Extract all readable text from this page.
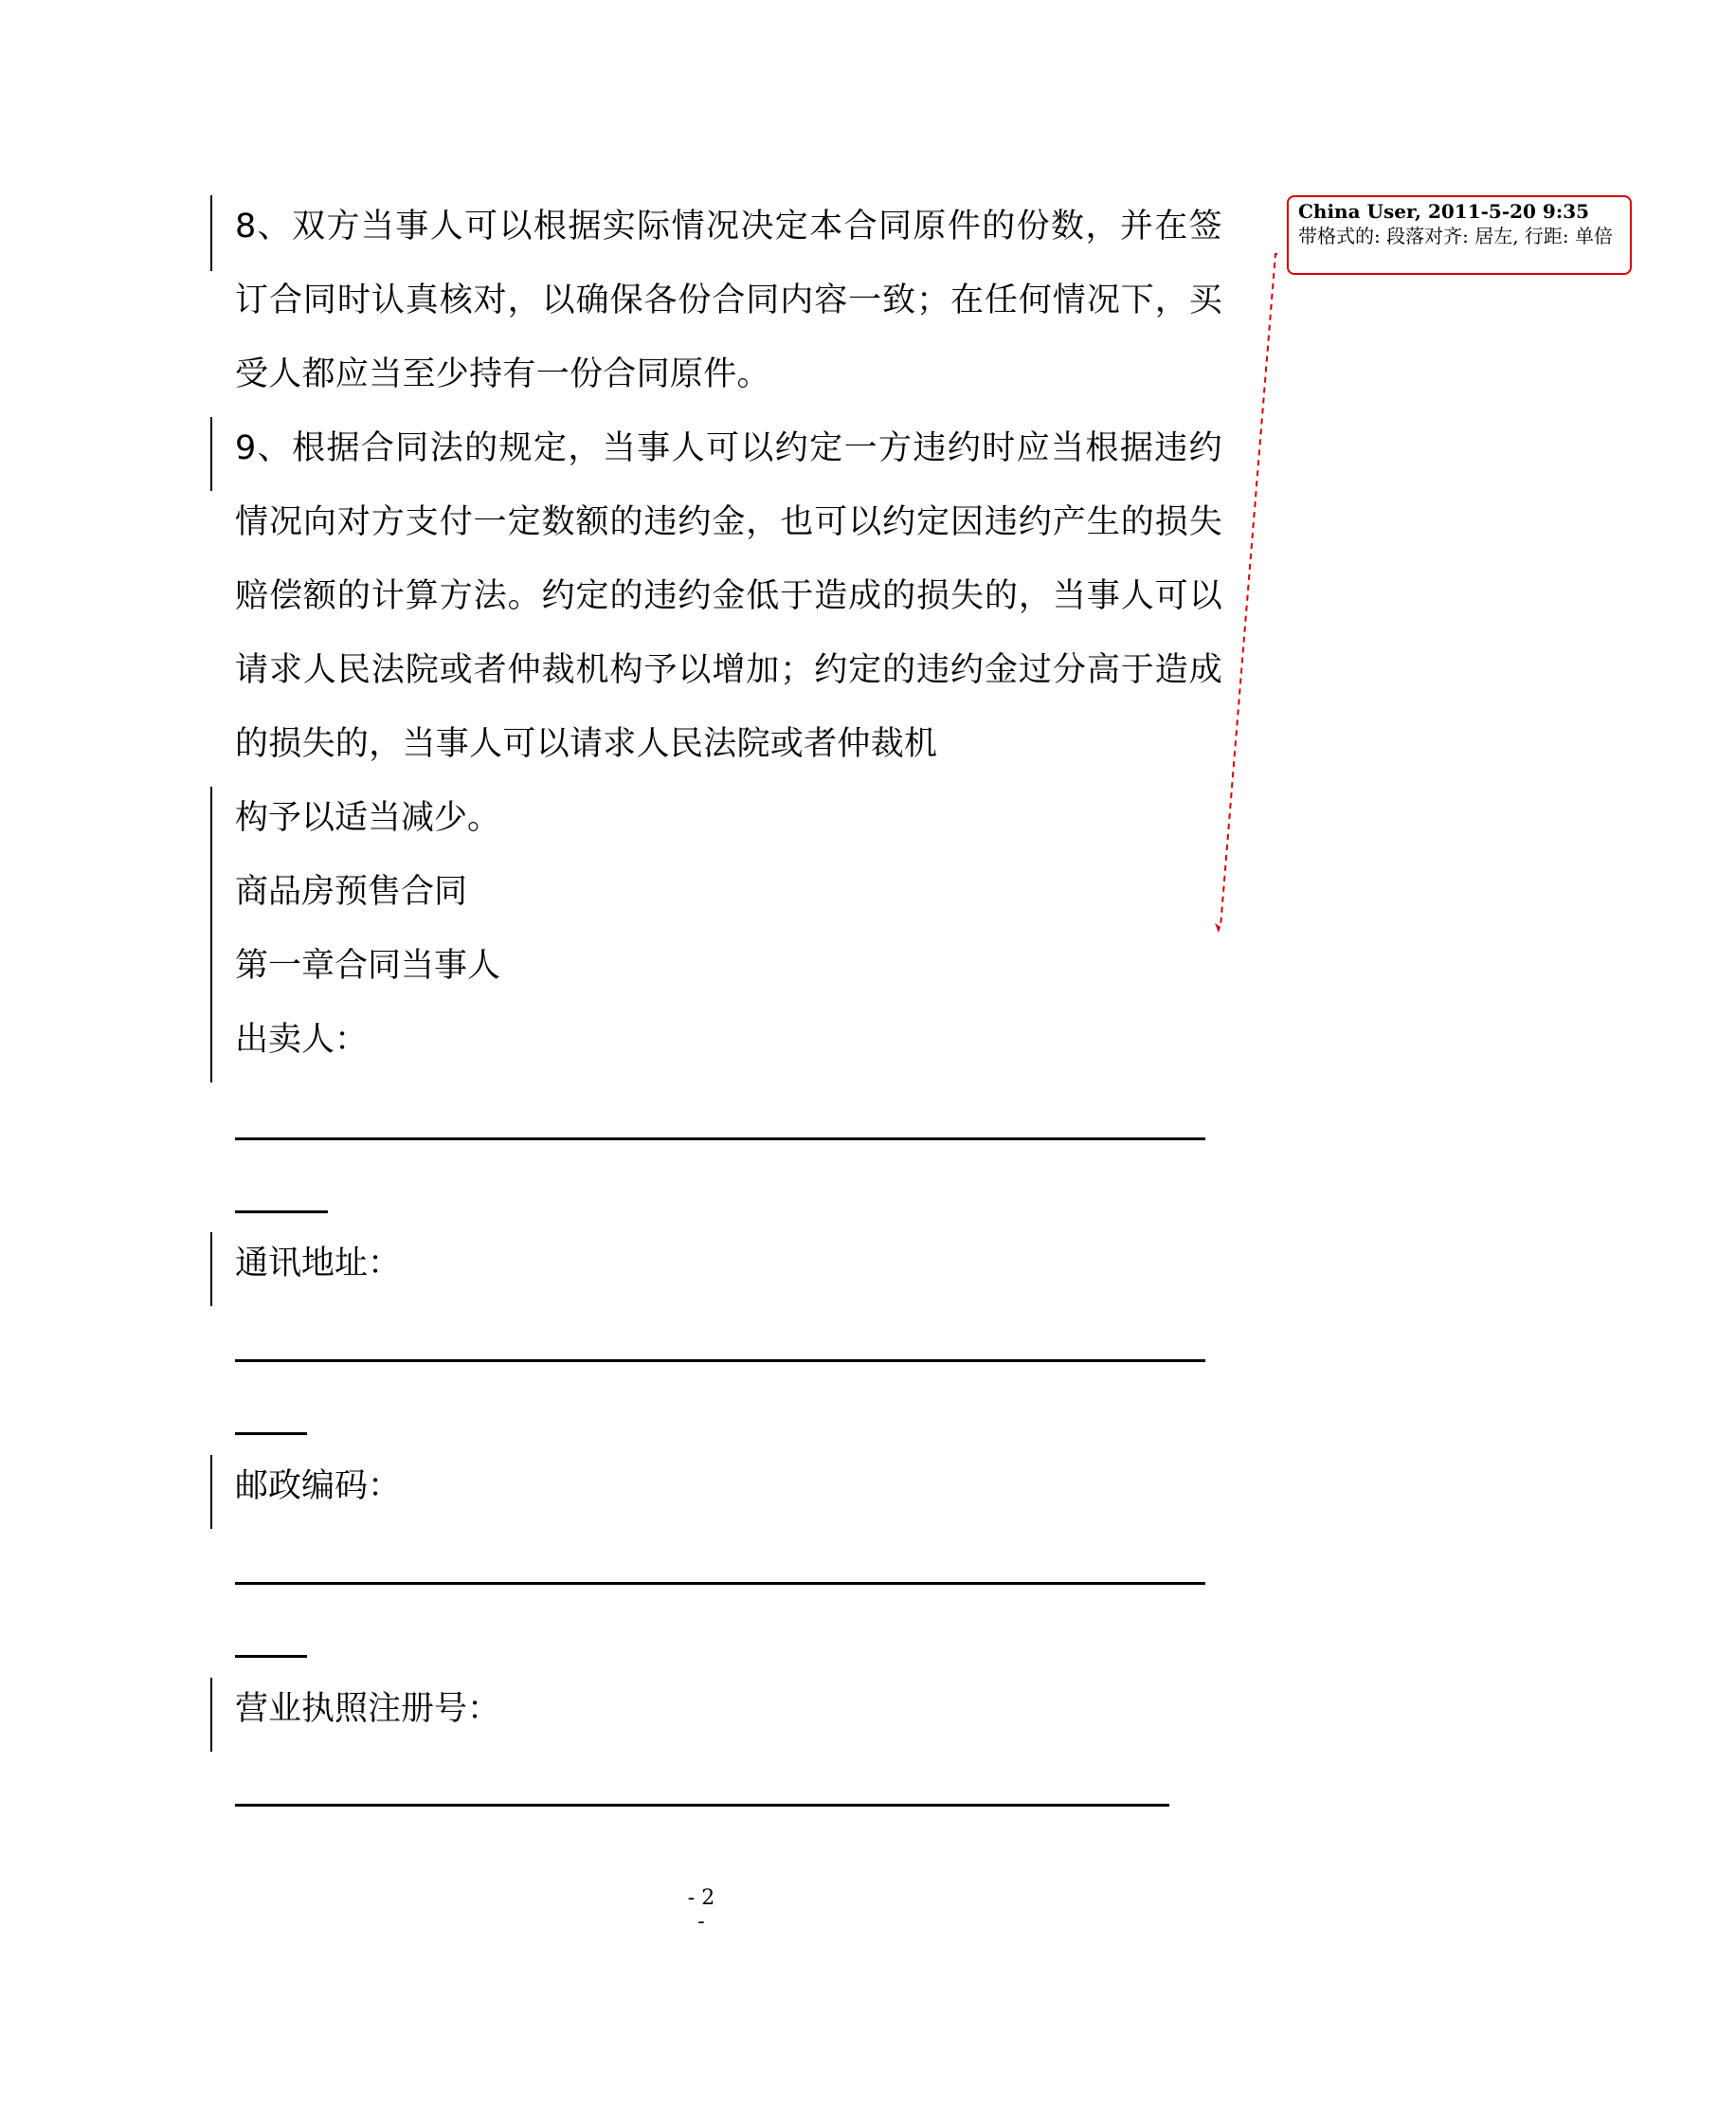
8、双方当事人可以根据实际情况决定本合同原件的份数，并在签订合同时认真核对，以确保各份合同内容一致；在任何情况下，买受人都应当至少持有一份合同原件。
9、根据合同法的规定，当事人可以约定一方违约时应当根据违约情况向对方支付一定数额的违约金，也可以约定因违约产生的损失赔偿额的计算方法。约定的违约金低于造成的损失的，当事人可以请求人民法院或者仲裁机构予以增加；约定的违约金过分高于造成的损失的，当事人可以请求人民法院或者仲裁机
构予以适当减少。
商品房预售合同
第一章合同当事人
出卖人：
通讯地址：
邮政编码：
营业执照注册号：
China User, 2011-5-20 9:35
带格式的: 段落对齐: 居左, 行距: 单倍
- 2 -
